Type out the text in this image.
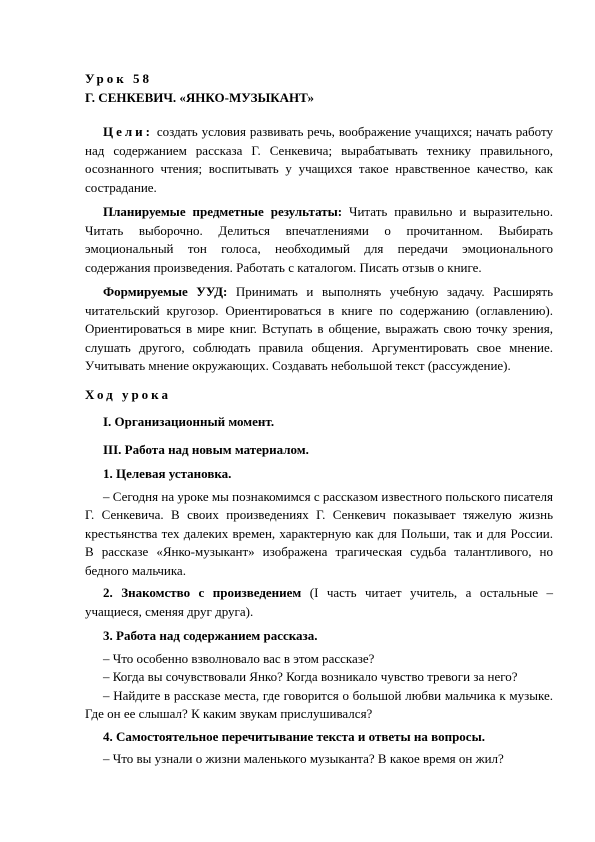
Урок 58
Г. СЕНКЕВИЧ. «ЯНКО-МУЗЫКАНТ»

Цели: создать условия развивать речь, воображение учащихся; начать работу над содержанием рассказа Г. Сенкевича; вырабатывать технику правильного, осознанного чтения; воспитывать у учащихся такое нравственное качество, как сострадание.

Планируемые предметные результаты: Читать правильно и выразительно. Читать выборочно. Делиться впечатлениями о прочитанном. Выбирать эмоциональный тон голоса, необходимый для передачи эмоционального содержания произведения. Работать с каталогом. Писать отзыв о книге.

Формируемые УУД: Принимать и выполнять учебную задачу. Расширять читательский кругозор. Ориентироваться в книге по содержанию (оглавлению). Ориентироваться в мире книг. Вступать в общение, выражать свою точку зрения, слушать другого, соблюдать правила общения. Аргументировать свое мнение. Учитывать мнение окружающих. Создавать небольшой текст (рассуждение).

Ход урока

I. Организационный момент.

III. Работа над новым материалом.

1. Целевая установка.

– Сегодня на уроке мы познакомимся с рассказом известного польского писателя Г. Сенкевича. В своих произведениях Г. Сенкевич показывает тяжелую жизнь крестьянства тех далеких времен, характерную как для Польши, так и для России. В рассказе «Янко-музыкант» изображена трагическая судьба талантливого, но бедного мальчика.

2. Знакомство с произведением (I часть читает учитель, а остальные – учащиеся, сменяя друг друга).

3. Работа над содержанием рассказа.

– Что особенно взволновало вас в этом рассказе?

– Когда вы сочувствовали Янко? Когда возникало чувство тревоги за него?

– Найдите в рассказе места, где говорится о большой любви мальчика к музыке. Где он ее слышал? К каким звукам прислушивался?

4. Самостоятельное перечитывание текста и ответы на вопросы.

– Что вы узнали о жизни маленького музыканта? В какое время он жил?
